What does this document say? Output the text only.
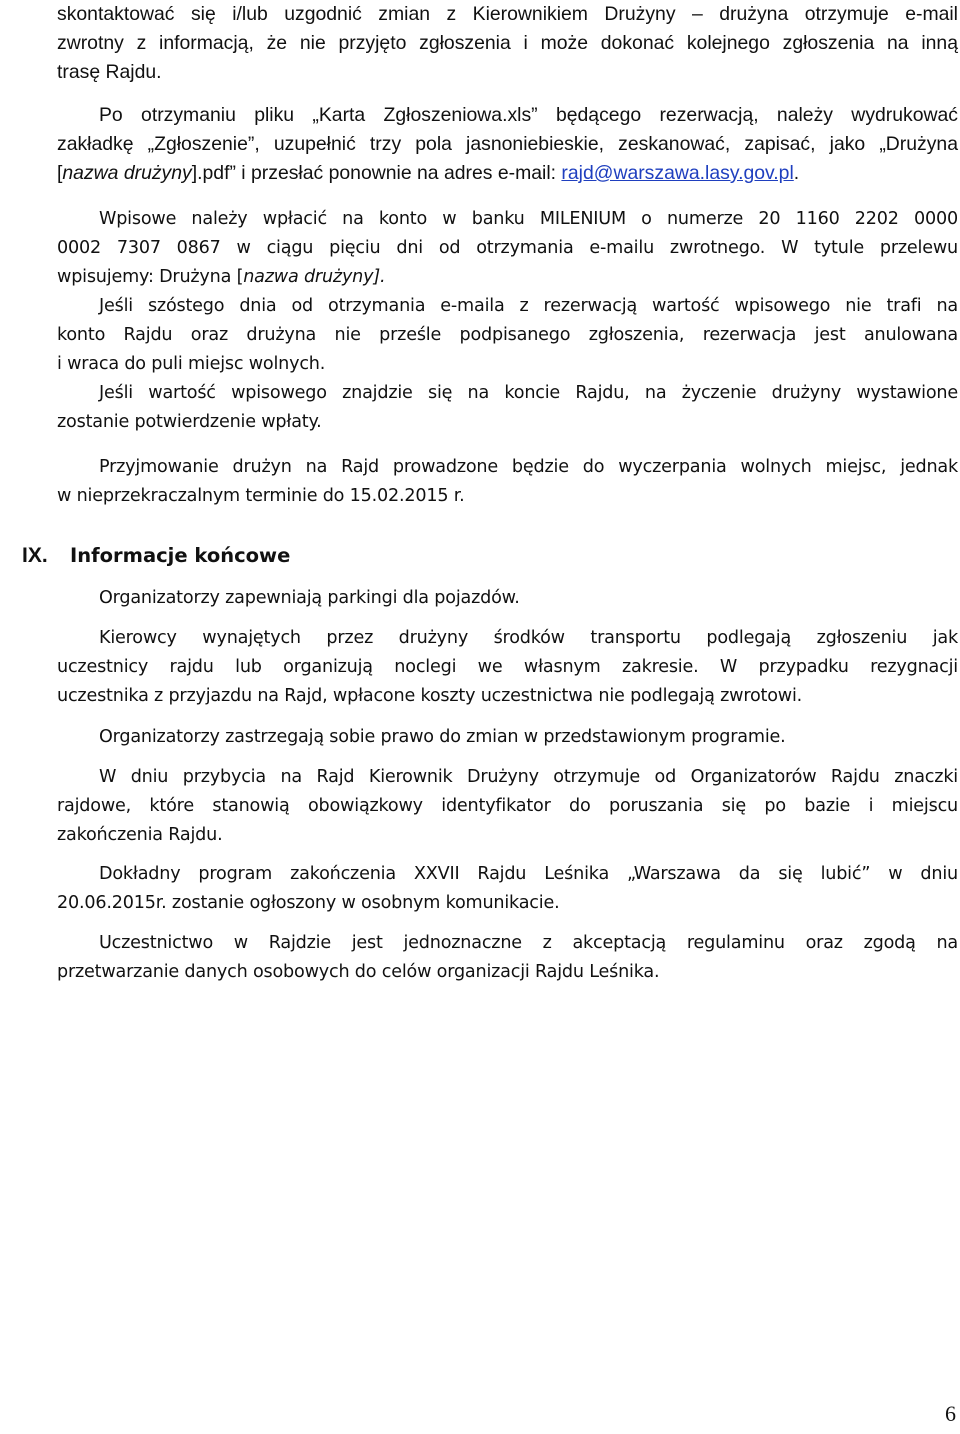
skontaktować się i/lub uzgodnić zmian z Kierownikiem Drużyny – drużyna otrzymuje e-mail
zwrotny z informacją, że nie przyjęto zgłoszenia i może dokonać kolejnego zgłoszenia na inną
trasę Rajdu.
Po otrzymaniu pliku „Karta Zgłoszeniowa.xls” będącego rezerwacją, należy wydrukować
zakładkę „Zgłoszenie”, uzupełnić trzy pola jasnoniebieskie, zeskanować, zapisać, jako „Drużyna
[nazwa drużyny].pdf” i przesłać ponownie na adres e-mail: rajd@warszawa.lasy.gov.pl.
Wpisowe należy wpłacić na konto w banku MILENIUM o numerze 20 1160 2202 0000
0002 7307 0867 w ciągu pięciu dni od otrzymania e-mailu zwrotnego. W tytule przelewu
wpisujemy: Drużyna [nazwa drużyny].
Jeśli szóstego dnia od otrzymania e-maila z rezerwacją wartość wpisowego nie trafi na
konto Rajdu oraz drużyna nie prześle podpisanego zgłoszenia, rezerwacja jest anulowana
i wraca do puli miejsc wolnych.
Jeśli wartość wpisowego znajdzie się na koncie Rajdu, na życzenie drużyny wystawione
zostanie potwierdzenie wpłaty.
Przyjmowanie drużyn na Rajd prowadzone będzie do wyczerpania wolnych miejsc, jednak
w nieprzekraczalnym terminie do 15.02.2015 r.
IX. Informacje końcowe
Organizatorzy zapewniają parkingi dla pojazdów.
Kierowcy wynajętych przez drużyny środków transportu podlegają zgłoszeniu jak
uczestnicy rajdu lub organizują noclegi we własnym zakresie. W przypadku rezygnacji
uczestnika z przyjazdu na Rajd, wpłacone koszty uczestnictwa nie podlegają zwrotowi.
Organizatorzy zastrzegają sobie prawo do zmian w przedstawionym programie.
W dniu przybycia na Rajd Kierownik Drużyny otrzymuje od Organizatorów Rajdu znaczki
rajdowe, które stanowią obowiązkowy identyfikator do poruszania się po bazie i miejscu
zakończenia Rajdu.
Dokładny program zakończenia XXVII Rajdu Leśnika „Warszawa da się lubić” w dniu
20.06.2015r. zostanie ogłoszony w osobnym komunikacie.
Uczestnictwo w Rajdzie jest jednoznaczne z akceptacją regulaminu oraz zgodą na
przetwarzanie danych osobowych do celów organizacji Rajdu Leśnika.
6
